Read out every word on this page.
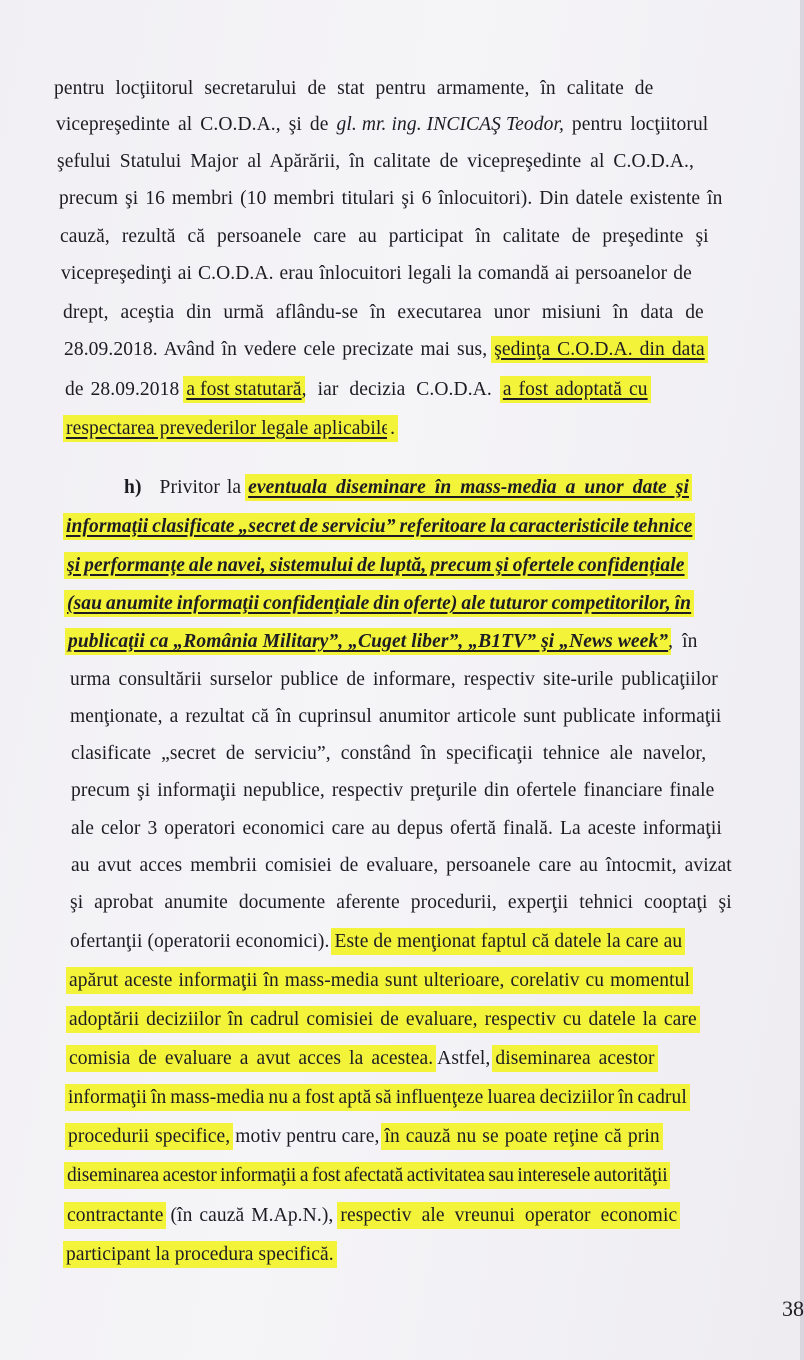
pentru locţiitorul secretarului de stat pentru armamente, în calitate de
vicepreşedinte al C.O.D.A., şi de gl. mr. ing. INCICAŞ Teodor, pentru locţiitorul
şefului Statului Major al Apărării, în calitate de vicepreşedinte al C.O.D.A.,
precum şi 16 membri (10 membri titulari şi 6 înlocuitori). Din datele existente în
cauză, rezultă că persoanele care au participat în calitate de preşedinte şi
vicepreşedinţi ai C.O.D.A. erau înlocuitori legali la comandă ai persoanelor de
drept, aceştia din urmă aflându-se în executarea unor misiuni în data de
28.09.2018. Având în vedere cele precizate mai sus, şedinţa C.O.D.A. din data
de 28.09.2018 a fost statutară, iar decizia C.O.D.A. a fost adoptată cu
respectarea prevederilor legale aplicabile.
h) Privitor la eventuala diseminare în mass-media a unor date şi
informaţii clasificate „secret de serviciu” referitoare la caracteristicile tehnice
şi performanţe ale navei, sistemului de luptă, precum şi ofertele confidenţiale
(sau anumite informaţii confidenţiale din oferte) ale tuturor competitorilor, în
publicaţii ca „România Military”, „Cuget liber”, „B1TV” şi „News week”, în
urma consultării surselor publice de informare, respectiv site-urile publicaţiilor
menţionate, a rezultat că în cuprinsul anumitor articole sunt publicate informaţii
clasificate „secret de serviciu”, constând în specificaţii tehnice ale navelor,
precum şi informaţii nepublice, respectiv preţurile din ofertele financiare finale
ale celor 3 operatori economici care au depus ofertă finală. La aceste informaţii
au avut acces membrii comisiei de evaluare, persoanele care au întocmit, avizat
şi aprobat anumite documente aferente procedurii, experţii tehnici cooptaţi şi
ofertanţii (operatorii economici). Este de menţionat faptul că datele la care au
apărut aceste informaţii în mass-media sunt ulterioare, corelativ cu momentul
adoptării deciziilor în cadrul comisiei de evaluare, respectiv cu datele la care
comisia de evaluare a avut acces la acestea. Astfel, diseminarea acestor
informaţii în mass-media nu a fost aptă să influenţeze luarea deciziilor în cadrul
procedurii specifice, motiv pentru care, în cauză nu se poate reţine că prin
diseminarea acestor informaţii a fost afectată activitatea sau interesele autorităţii
contractante (în cauză M.Ap.N.), respectiv ale vreunui operator economic
participant la procedura specifică.
38
